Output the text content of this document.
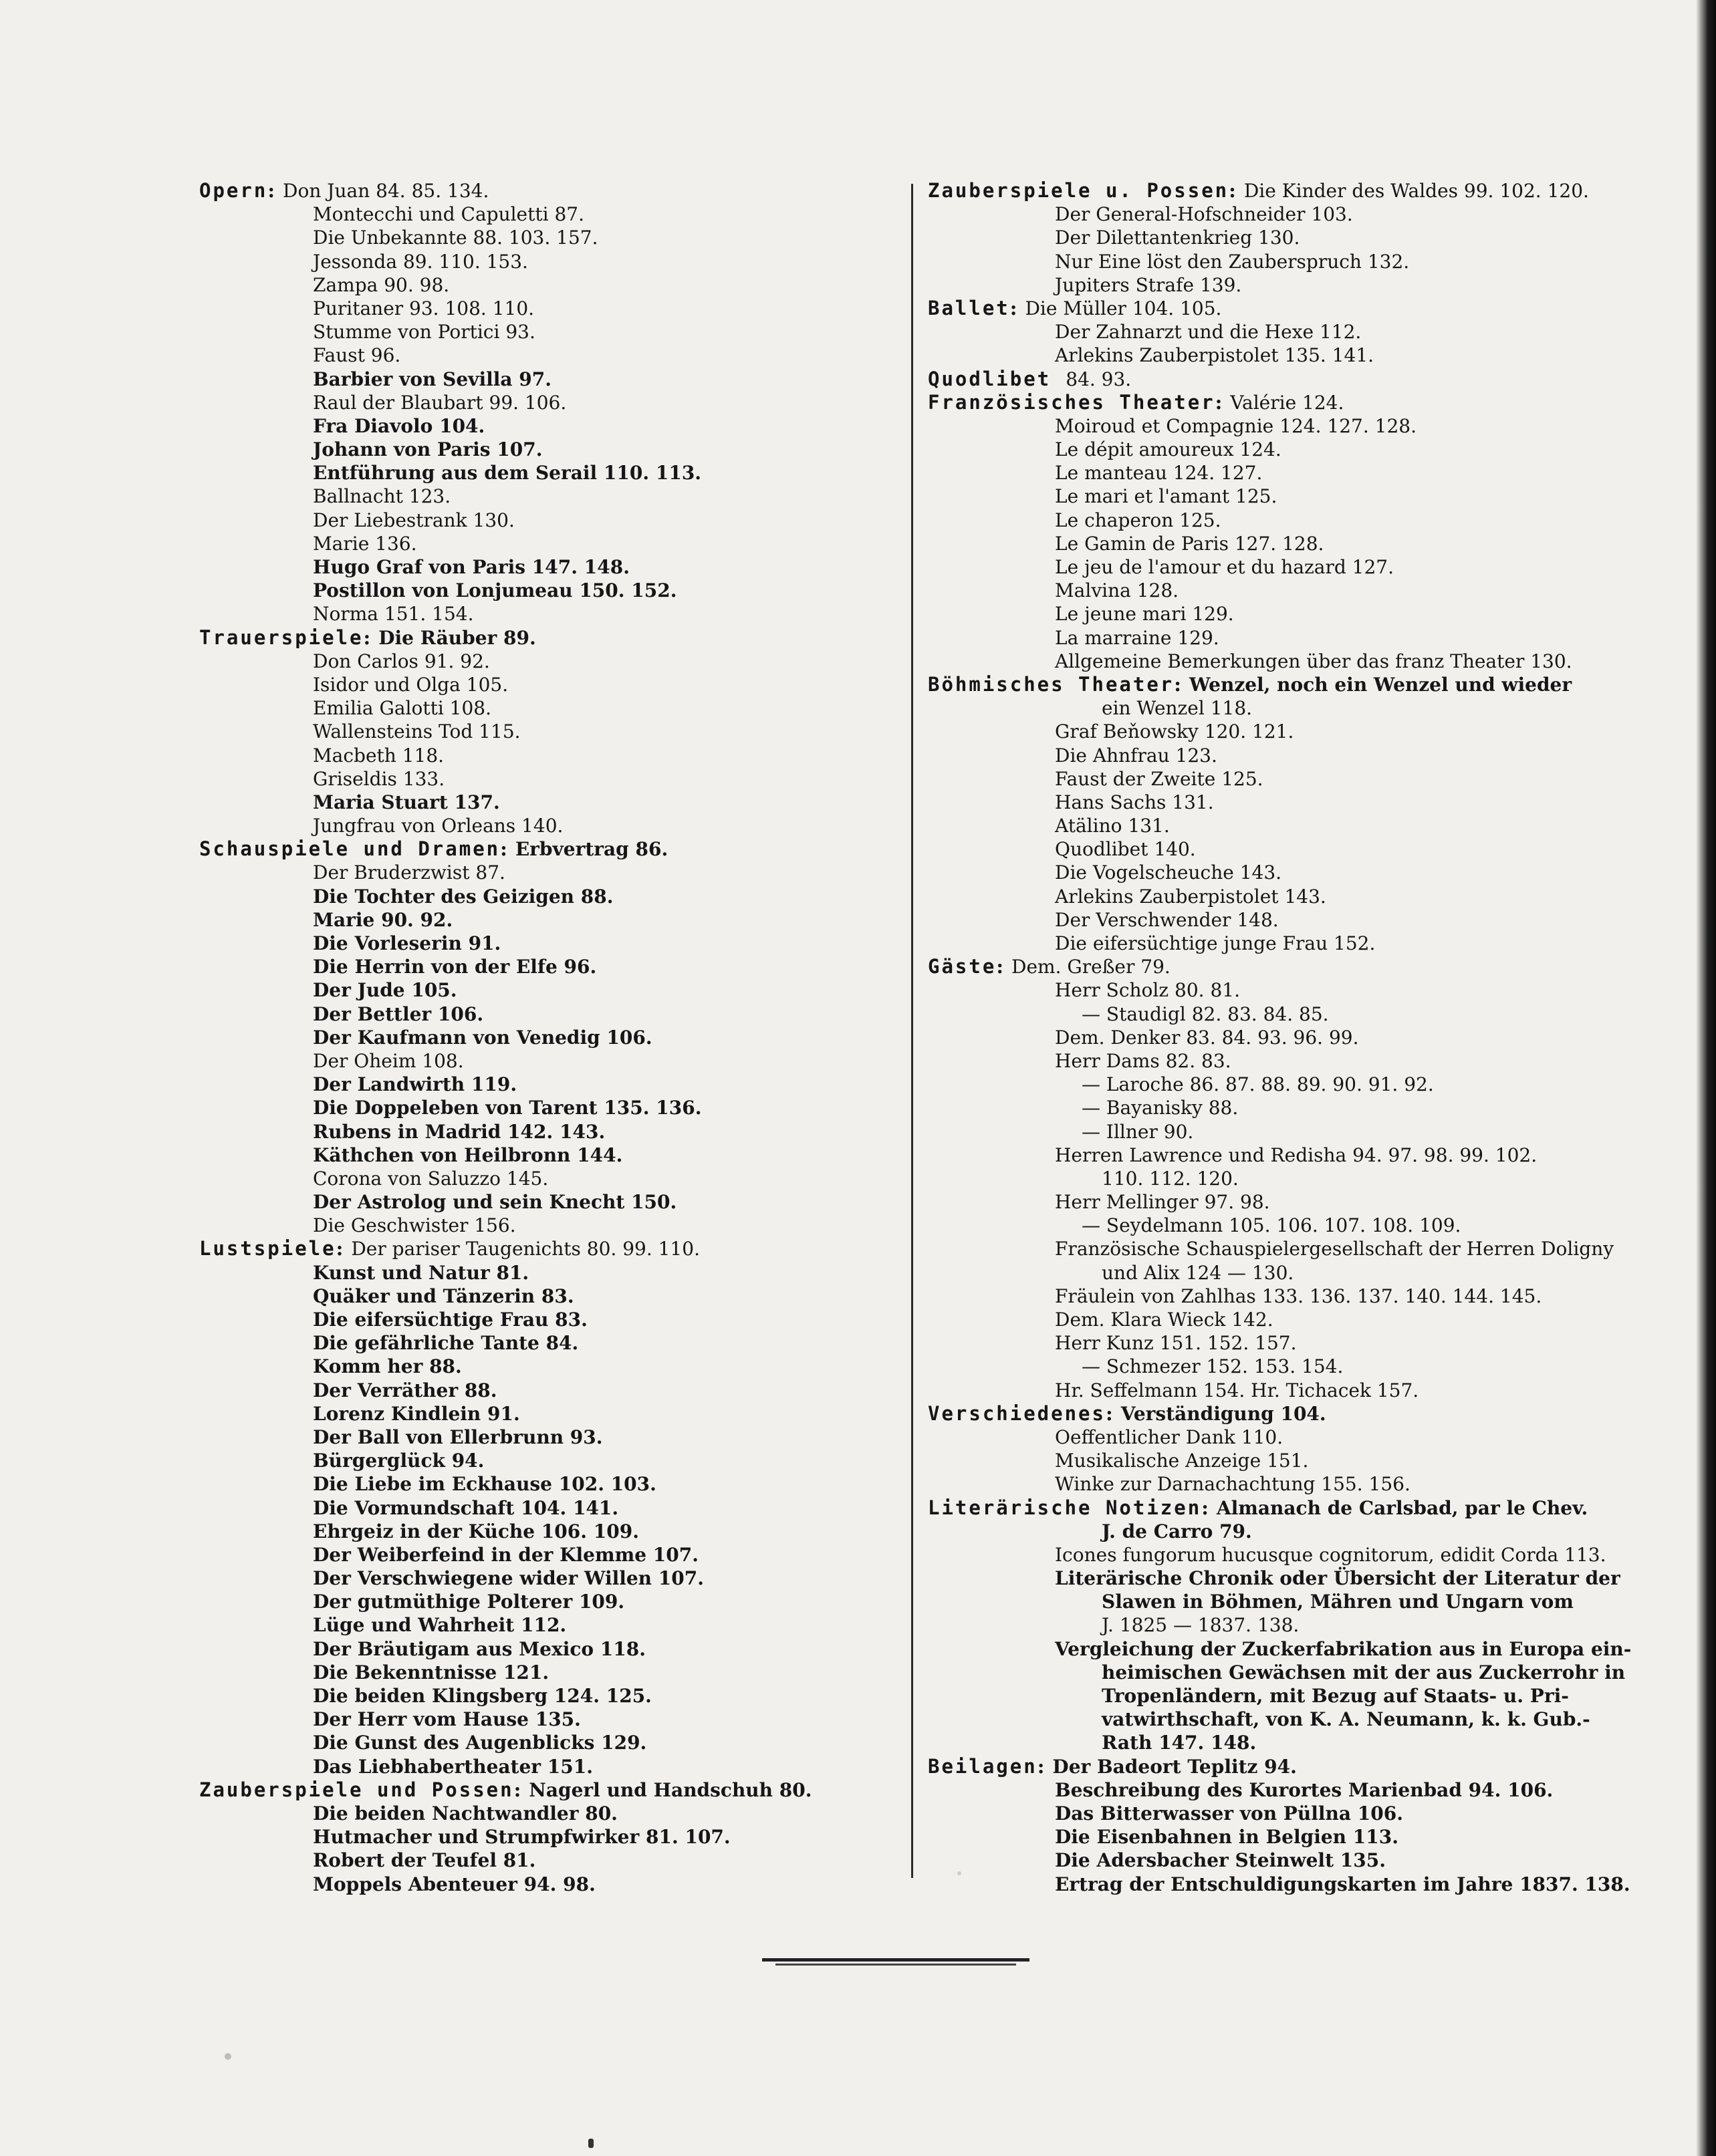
Opern : Don Juan 84. 85. 134.
Montecchi und Capuletti 87.
Die Unbekannte 88. 103. 157.
Jessonda 89. 110. 153.
Zampa 90. 98.
Puritaner 93. 108. 110.
Stumme von Portici 93.
Faust 96.
Barbier von Sevilla 97.
Raul der Blaubart 99. 106.
Fra Diavolo 104.
Johann von Paris 107.
Entführung aus dem Serail 110. 113.
Ballnacht 123.
Der Liebestrank 130.
Marie 136.
Hugo Graf von Paris 147. 148.
Postillon von Lonjumeau 150. 152.
Norma 151. 154.
Trauerspiele : Die Räuber 89.
Don Carlos 91. 92.
Isidor und Olga 105.
Emilia Galotti 108.
Wallensteins Tod 115.
Macbeth 118.
Griseldis 133.
Maria Stuart 137.
Jungfrau von Orleans 140.
Schauspiele und Dramen : Erbvertrag 86.
Der Bruderzwist 87.
Die Tochter des Geizigen 88.
Marie 90. 92.
Die Vorleserin 91.
Die Herrin von der Elfe 96.
Der Jude 105.
Der Bettler 106.
Der Kaufmann von Venedig 106.
Der Oheim 108.
Der Landwirth 119.
Die Doppeleben von Tarent 135. 136.
Rubens in Madrid 142. 143.
Käthchen von Heilbronn 144.
Corona von Saluzzo 145.
Der Astrolog und sein Knecht 150.
Die Geschwister 156.
Lustspiele : Der pariser Taugenichts 80. 99. 110.
Kunst und Natur 81.
Quäker und Tänzerin 83.
Die eifersüchtige Frau 83.
Die gefährliche Tante 84.
Komm her 88.
Der Verräther 88.
Lorenz Kindlein 91.
Der Ball von Ellerbrunn 93.
Bürgerglück 94.
Die Liebe im Eckhause 102. 103.
Die Vormundschaft 104. 141.
Ehrgeiz in der Küche 106. 109.
Der Weiberfeind in der Klemme 107.
Der Verschwiegene wider Willen 107.
Der gutmüthige Polterer 109.
Lüge und Wahrheit 112.
Der Bräutigam aus Mexico 118.
Die Bekenntnisse 121.
Die beiden Klingsberg 124. 125.
Der Herr vom Hause 135.
Die Gunst des Augenblicks 129.
Das Liebhabertheater 151.
Zauberspiele und Possen : Nagerl und Handschuh 80.
Die beiden Nachtwandler 80.
Hutmacher und Strumpfwirker 81. 107.
Robert der Teufel 81.
Moppels Abenteuer 94. 98.
Zauberspiele u. Possen : Die Kinder des Waldes 99. 102. 120.
Der General-Hofschneider 103.
Der Dilettantenkrieg 130.
Nur Eine löst den Zauberspruch 132.
Jupiters Strafe 139.
Ballet : Die Müller 104. 105.
Der Zahnarzt und die Hexe 112.
Arlekins Zauberpistolet 135. 141.
Quodlibet
84. 93.
Französisches Theater : Valérie 124.
Moiroud et Compagnie 124. 127. 128.
Le dépit amoureux 124.
Le manteau 124. 127.
Le mari et l'amant 125.
Le chaperon 125.
Le Gamin de Paris 127. 128.
Le jeu de l'amour et du hazard 127.
Malvina 128.
Le jeune mari 129.
La marraine 129.
Allgemeine Bemerkungen über das franz Theater 130.
Böhmisches Theater : Wenzel, noch ein Wenzel und wieder
ein Wenzel 118.
Graf Beňowsky 120. 121.
Die Ahnfrau 123.
Faust der Zweite 125.
Hans Sachs 131.
Atälino 131.
Quodlibet 140.
Die Vogelscheuche 143.
Arlekins Zauberpistolet 143.
Der Verschwender 148.
Die eifersüchtige junge Frau 152.
Gäste : Dem. Greßer 79.
Herr Scholz 80. 81.
— Staudigl 82. 83. 84. 85.
Dem. Denker 83. 84. 93. 96. 99.
Herr Dams 82. 83.
— Laroche 86. 87. 88. 89. 90. 91. 92.
— Bayanisky 88.
— Illner 90.
Herren Lawrence und Redisha 94. 97. 98. 99. 102.
110. 112. 120.
Herr Mellinger 97. 98.
— Seydelmann 105. 106. 107. 108. 109.
Französische Schauspielergesellschaft der Herren Doligny
und Alix 124 — 130.
Fräulein von Zahlhas 133. 136. 137. 140. 144. 145.
Dem. Klara Wieck 142.
Herr Kunz 151. 152. 157.
— Schmezer 152. 153. 154.
Hr. Seffelmann 154. Hr. Tichacek 157.
Verschiedenes : Verständigung 104.
Oeffentlicher Dank 110.
Musikalische Anzeige 151.
Winke zur Darnachachtung 155. 156.
Literärische Notizen : Almanach de Carlsbad, par le Chev.
J. de Carro 79.
Icones fungorum hucusque cognitorum, edidit Corda 113.
Literärische Chronik oder Übersicht der Literatur der
Slawen in Böhmen, Mähren und Ungarn vom
J. 1825 — 1837. 138.
Vergleichung der Zuckerfabrikation aus in Europa ein-
heimischen Gewächsen mit der aus Zuckerrohr in
Tropenländern, mit Bezug auf Staats- u. Pri-
vatwirthschaft, von K. A. Neumann, k. k. Gub.-
Rath 147. 148.
Beilagen : Der Badeort Teplitz 94.
Beschreibung des Kurortes Marienbad 94. 106.
Das Bitterwasser von Püllna 106.
Die Eisenbahnen in Belgien 113.
Die Adersbacher Steinwelt 135.
Ertrag der Entschuldigungskarten im Jahre 1837. 138.
